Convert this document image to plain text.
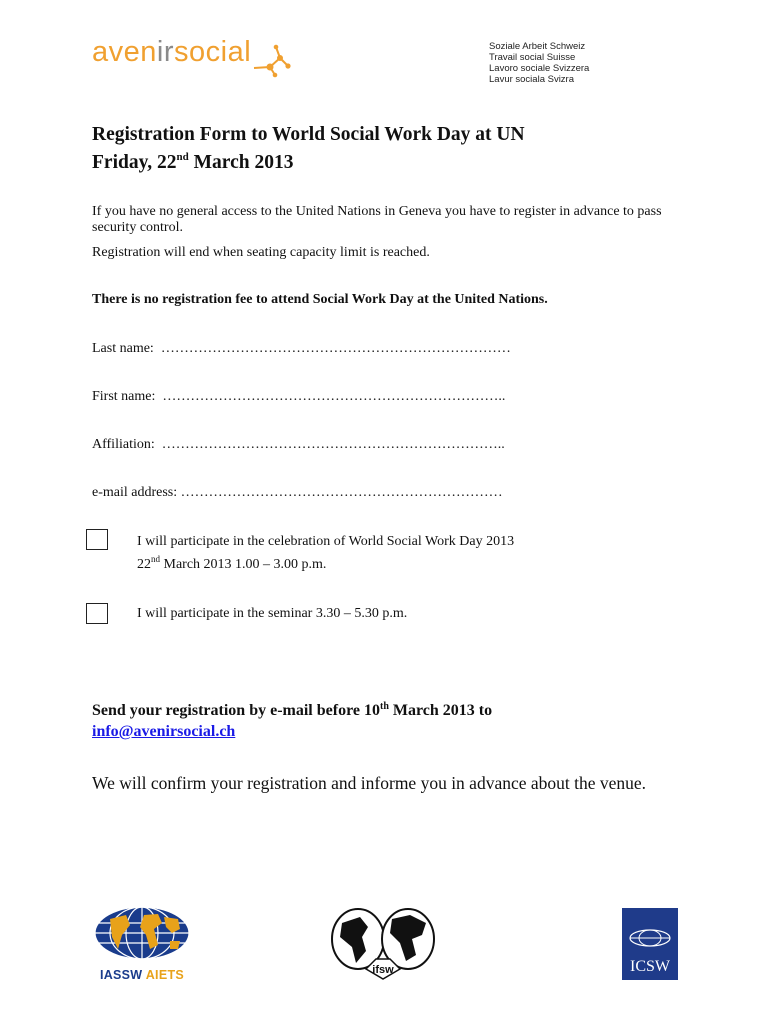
avenirsocial	Soziale Arbeit Schweiz
Travail social Suisse
Lavoro sociale Svizzera
Lavur sociala Svizra
Registration Form to World Social Work Day at UN
Friday, 22nd March 2013
If you have no general access to the United Nations in Geneva you have to register in advance to pass security control.
Registration will end when seating capacity limit is reached.
There is no registration fee to attend Social Work Day at the United Nations.
Last name: …………………………………………………………………
First name: ………………………………………………………………..
Affiliation: ………………………………………………………………..
e-mail address: ……………………………………………………………
I will participate in the celebration of World Social Work Day 2013
22nd March 2013 1.00 – 3.00 p.m.
I will participate in the seminar 3.30 – 5.30 p.m.
Send your registration by e-mail before 10th March 2013 to
info@avenirsocial.ch
We will confirm your registration and informe you in advance about the venue.
IASSW AIETS	ifsw	ICSW
